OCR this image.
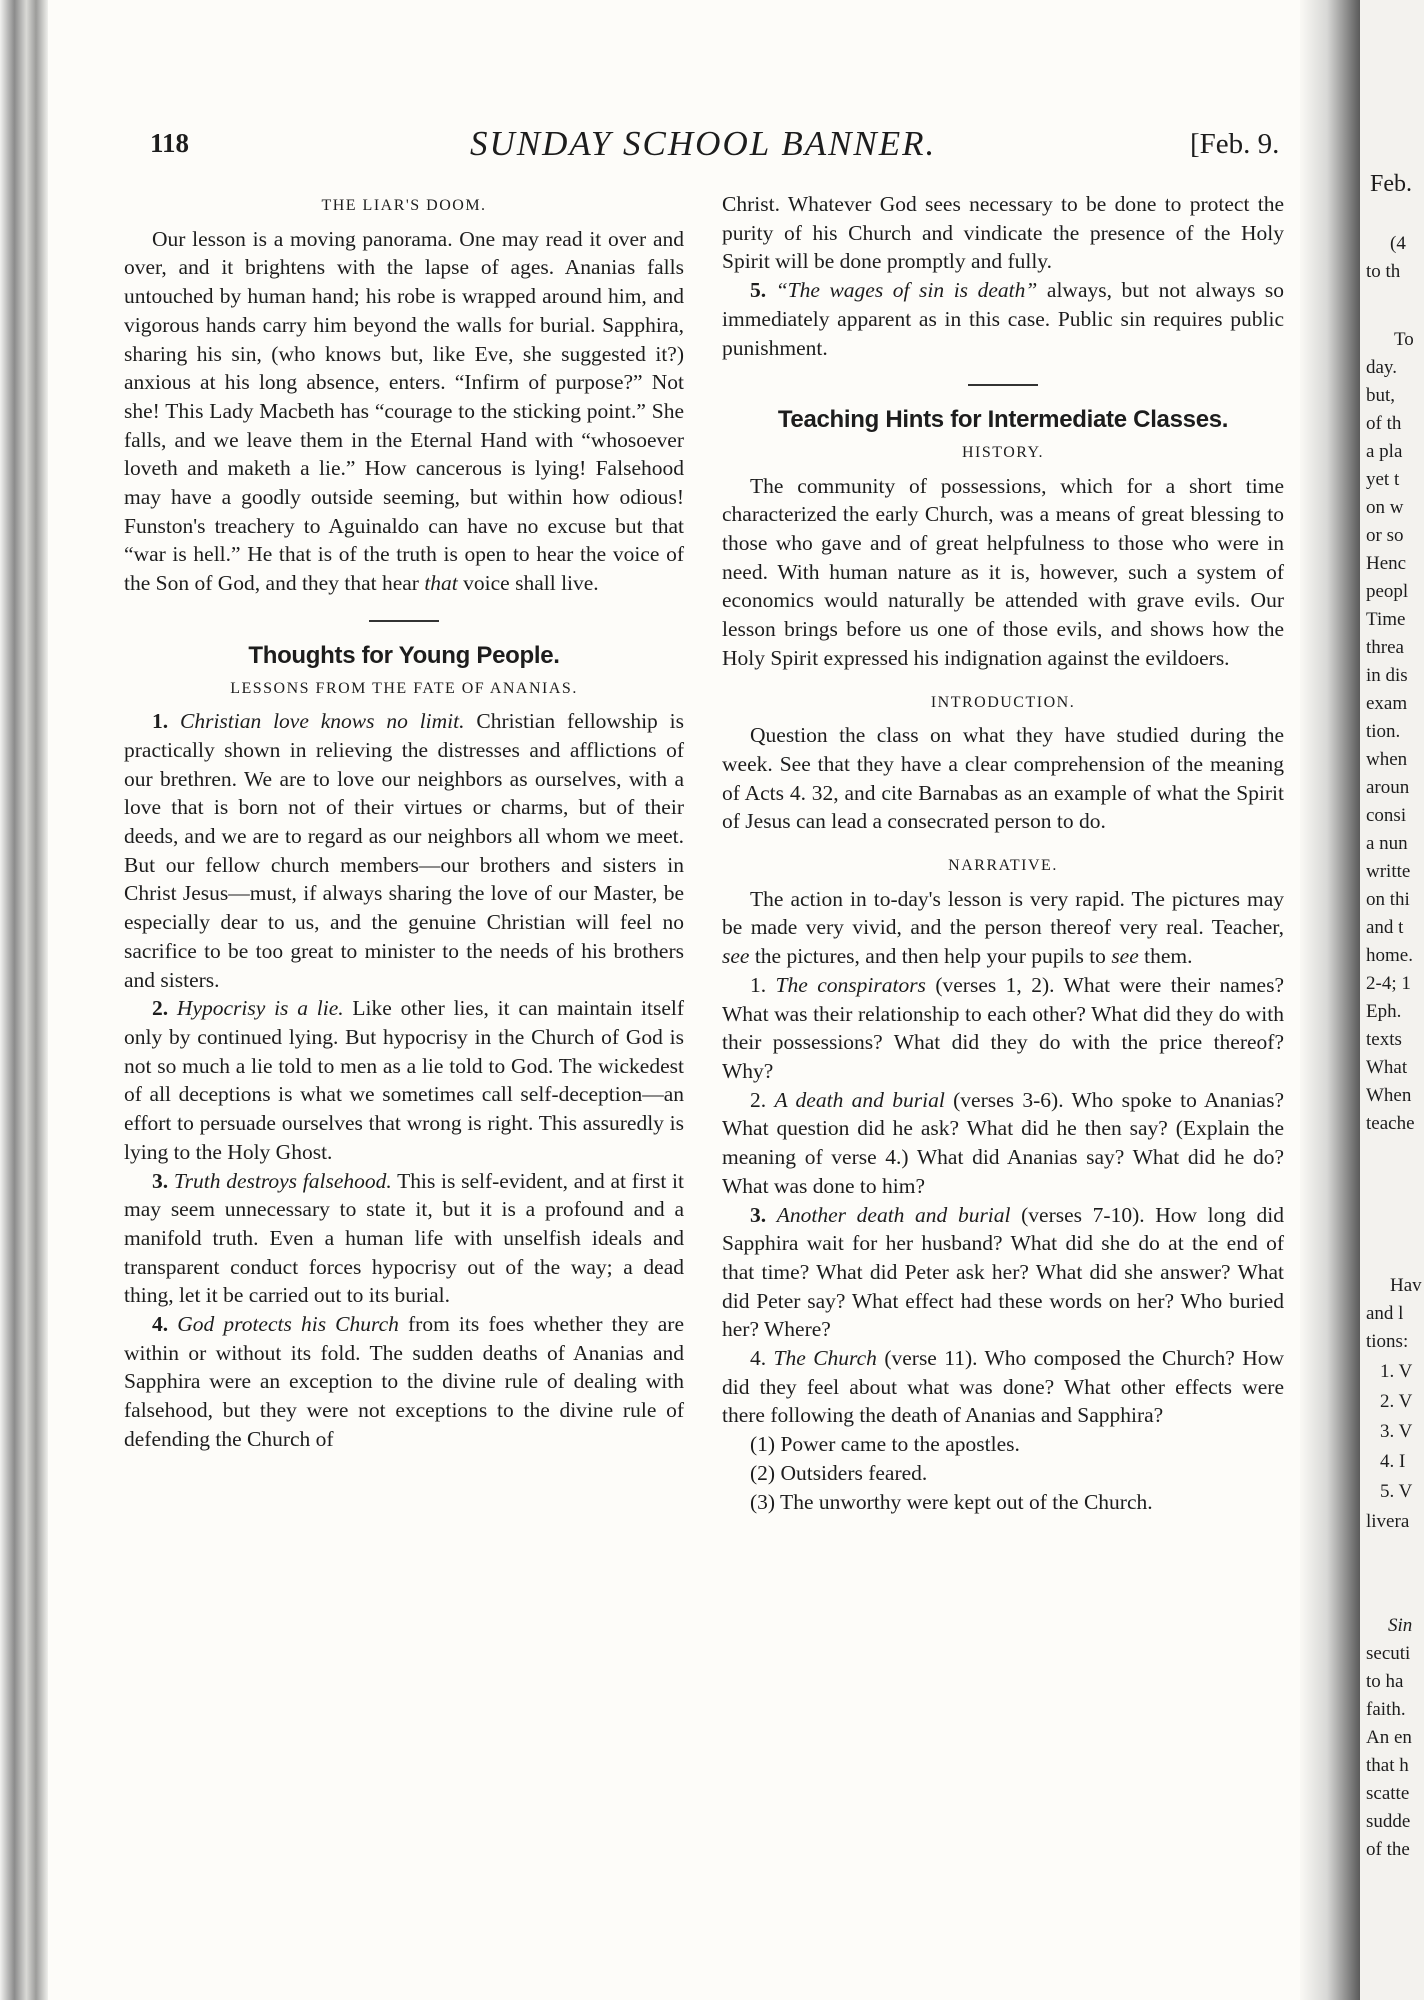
Feb.
(4
to th
To
day.
but,
of th
a pla
yet t
on w
or so
Henc
peopl
Time
threa
in dis
exam
tion.
when
aroun
consi
a nun
writte
on thi
and t
home.
2-4; 1
Eph.
texts
What
When
teache
Hav
and l
tions:
1. V
2. V
3. V
4. I
5. V
livera
Sin
secuti
to ha
faith.
An en
that h
scatte
sudde
of the
118	SUNDAY SCHOOL BANNER.	[Feb. 9.
THE LIAR'S DOOM.

Our lesson is a moving panorama. One may read it over and over, and it brightens with the lapse of ages. Ananias falls untouched by human hand; his robe is wrapped around him, and vigorous hands carry him beyond the walls for burial. Sapphira, sharing his sin, (who knows but, like Eve, she suggested it?) anxious at his long absence, enters. “Infirm of purpose?” Not she! This Lady Macbeth has “courage to the sticking point.” She falls, and we leave them in the Eternal Hand with “whosoever loveth and maketh a lie.” How cancerous is lying! Falsehood may have a goodly outside seeming, but within how odious! Funston's treachery to Aguinaldo can have no excuse but that “war is hell.” He that is of the truth is open to hear the voice of the Son of God, and they that hear that voice shall live.

Thoughts for Young People.
LESSONS FROM THE FATE OF ANANIAS.

1. Christian love knows no limit. Christian fellowship is practically shown in relieving the distresses and afflictions of our brethren. We are to love our neighbors as ourselves, with a love that is born not of their virtues or charms, but of their deeds, and we are to regard as our neighbors all whom we meet. But our fellow church members—our brothers and sisters in Christ Jesus—must, if always sharing the love of our Master, be especially dear to us, and the genuine Christian will feel no sacrifice to be too great to minister to the needs of his brothers and sisters.

2. Hypocrisy is a lie. Like other lies, it can maintain itself only by continued lying. But hypocrisy in the Church of God is not so much a lie told to men as a lie told to God. The wickedest of all deceptions is what we sometimes call self-deception—an effort to persuade ourselves that wrong is right. This assuredly is lying to the Holy Ghost.

3. Truth destroys falsehood. This is self-evident, and at first it may seem unnecessary to state it, but it is a profound and a manifold truth. Even a human life with unselfish ideals and transparent conduct forces hypocrisy out of the way; a dead thing, let it be carried out to its burial.

4. God protects his Church from its foes whether they are within or without its fold. The sudden deaths of Ananias and Sapphira were an exception to the divine rule of dealing with falsehood, but they were not exceptions to the divine rule of defending the Church of

Christ. Whatever God sees necessary to be done to protect the purity of his Church and vindicate the presence of the Holy Spirit will be done promptly and fully.

5. “The wages of sin is death” always, but not always so immediately apparent as in this case. Public sin requires public punishment.

Teaching Hints for Intermediate Classes.
HISTORY.

The community of possessions, which for a short time characterized the early Church, was a means of great blessing to those who gave and of great helpfulness to those who were in need. With human nature as it is, however, such a system of economics would naturally be attended with grave evils. Our lesson brings before us one of those evils, and shows how the Holy Spirit expressed his indignation against the evildoers.

INTRODUCTION.

Question the class on what they have studied during the week. See that they have a clear comprehension of the meaning of Acts 4. 32, and cite Barnabas as an example of what the Spirit of Jesus can lead a consecrated person to do.

NARRATIVE.

The action in to-day's lesson is very rapid. The pictures may be made very vivid, and the person thereof very real. Teacher, see the pictures, and then help your pupils to see them.

1. The conspirators (verses 1, 2). What were their names? What was their relationship to each other? What did they do with their possessions? What did they do with the price thereof? Why?

2. A death and burial (verses 3-6). Who spoke to Ananias? What question did he ask? What did he then say? (Explain the meaning of verse 4.) What did Ananias say? What did he do? What was done to him?

3. Another death and burial (verses 7-10). How long did Sapphira wait for her husband? What did she do at the end of that time? What did Peter ask her? What did she answer? What did Peter say? What effect had these words on her? Who buried her? Where?

4. The Church (verse 11). Who composed the Church? How did they feel about what was done? What other effects were there following the death of Ananias and Sapphira?

(1) Power came to the apostles.

(2) Outsiders feared.

(3) The unworthy were kept out of the Church.
